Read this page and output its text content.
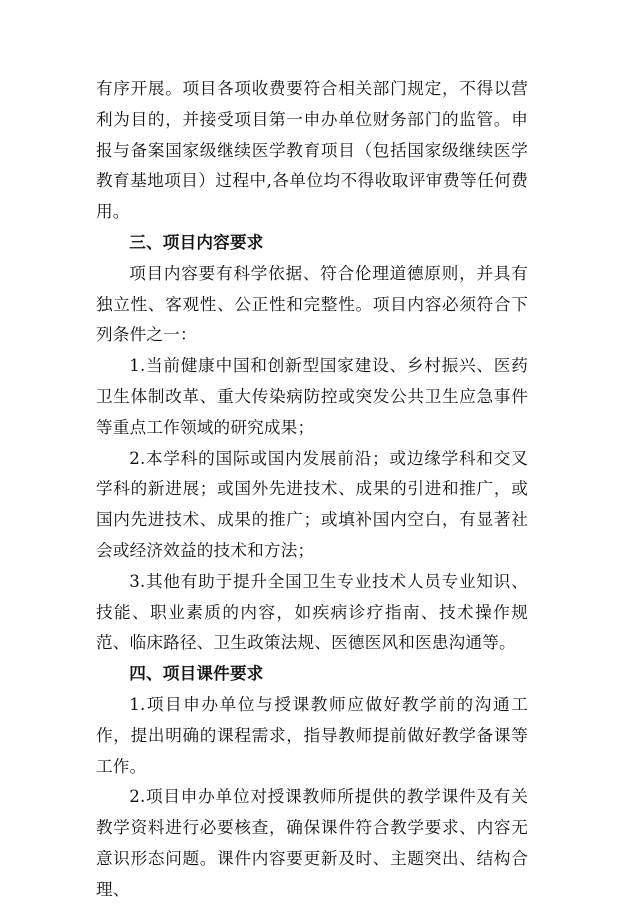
有序开展。项目各项收费要符合相关部门规定，不得以营利为目的，并接受项目第一申办单位财务部门的监管。申报与备案国家级继续医学教育项目（包括国家级继续医学教育基地项目）过程中,各单位均不得收取评审费等任何费用。

三、项目内容要求

项目内容要有科学依据、符合伦理道德原则，并具有独立性、客观性、公正性和完整性。项目内容必须符合下列条件之一：

1.当前健康中国和创新型国家建设、乡村振兴、医药卫生体制改革、重大传染病防控或突发公共卫生应急事件等重点工作领域的研究成果；

2.本学科的国际或国内发展前沿；或边缘学科和交叉学科的新进展；或国外先进技术、成果的引进和推广，或国内先进技术、成果的推广；或填补国内空白，有显著社会或经济效益的技术和方法；

3.其他有助于提升全国卫生专业技术人员专业知识、技能、职业素质的内容，如疾病诊疗指南、技术操作规范、临床路径、卫生政策法规、医德医风和医患沟通等。

四、项目课件要求

1.项目申办单位与授课教师应做好教学前的沟通工作，提出明确的课程需求，指导教师提前做好教学备课等工作。

2.项目申办单位对授课教师所提供的教学课件及有关教学资料进行必要核查，确保课件符合教学要求、内容无意识形态问题。课件内容要更新及时、主题突出、结构合理、
